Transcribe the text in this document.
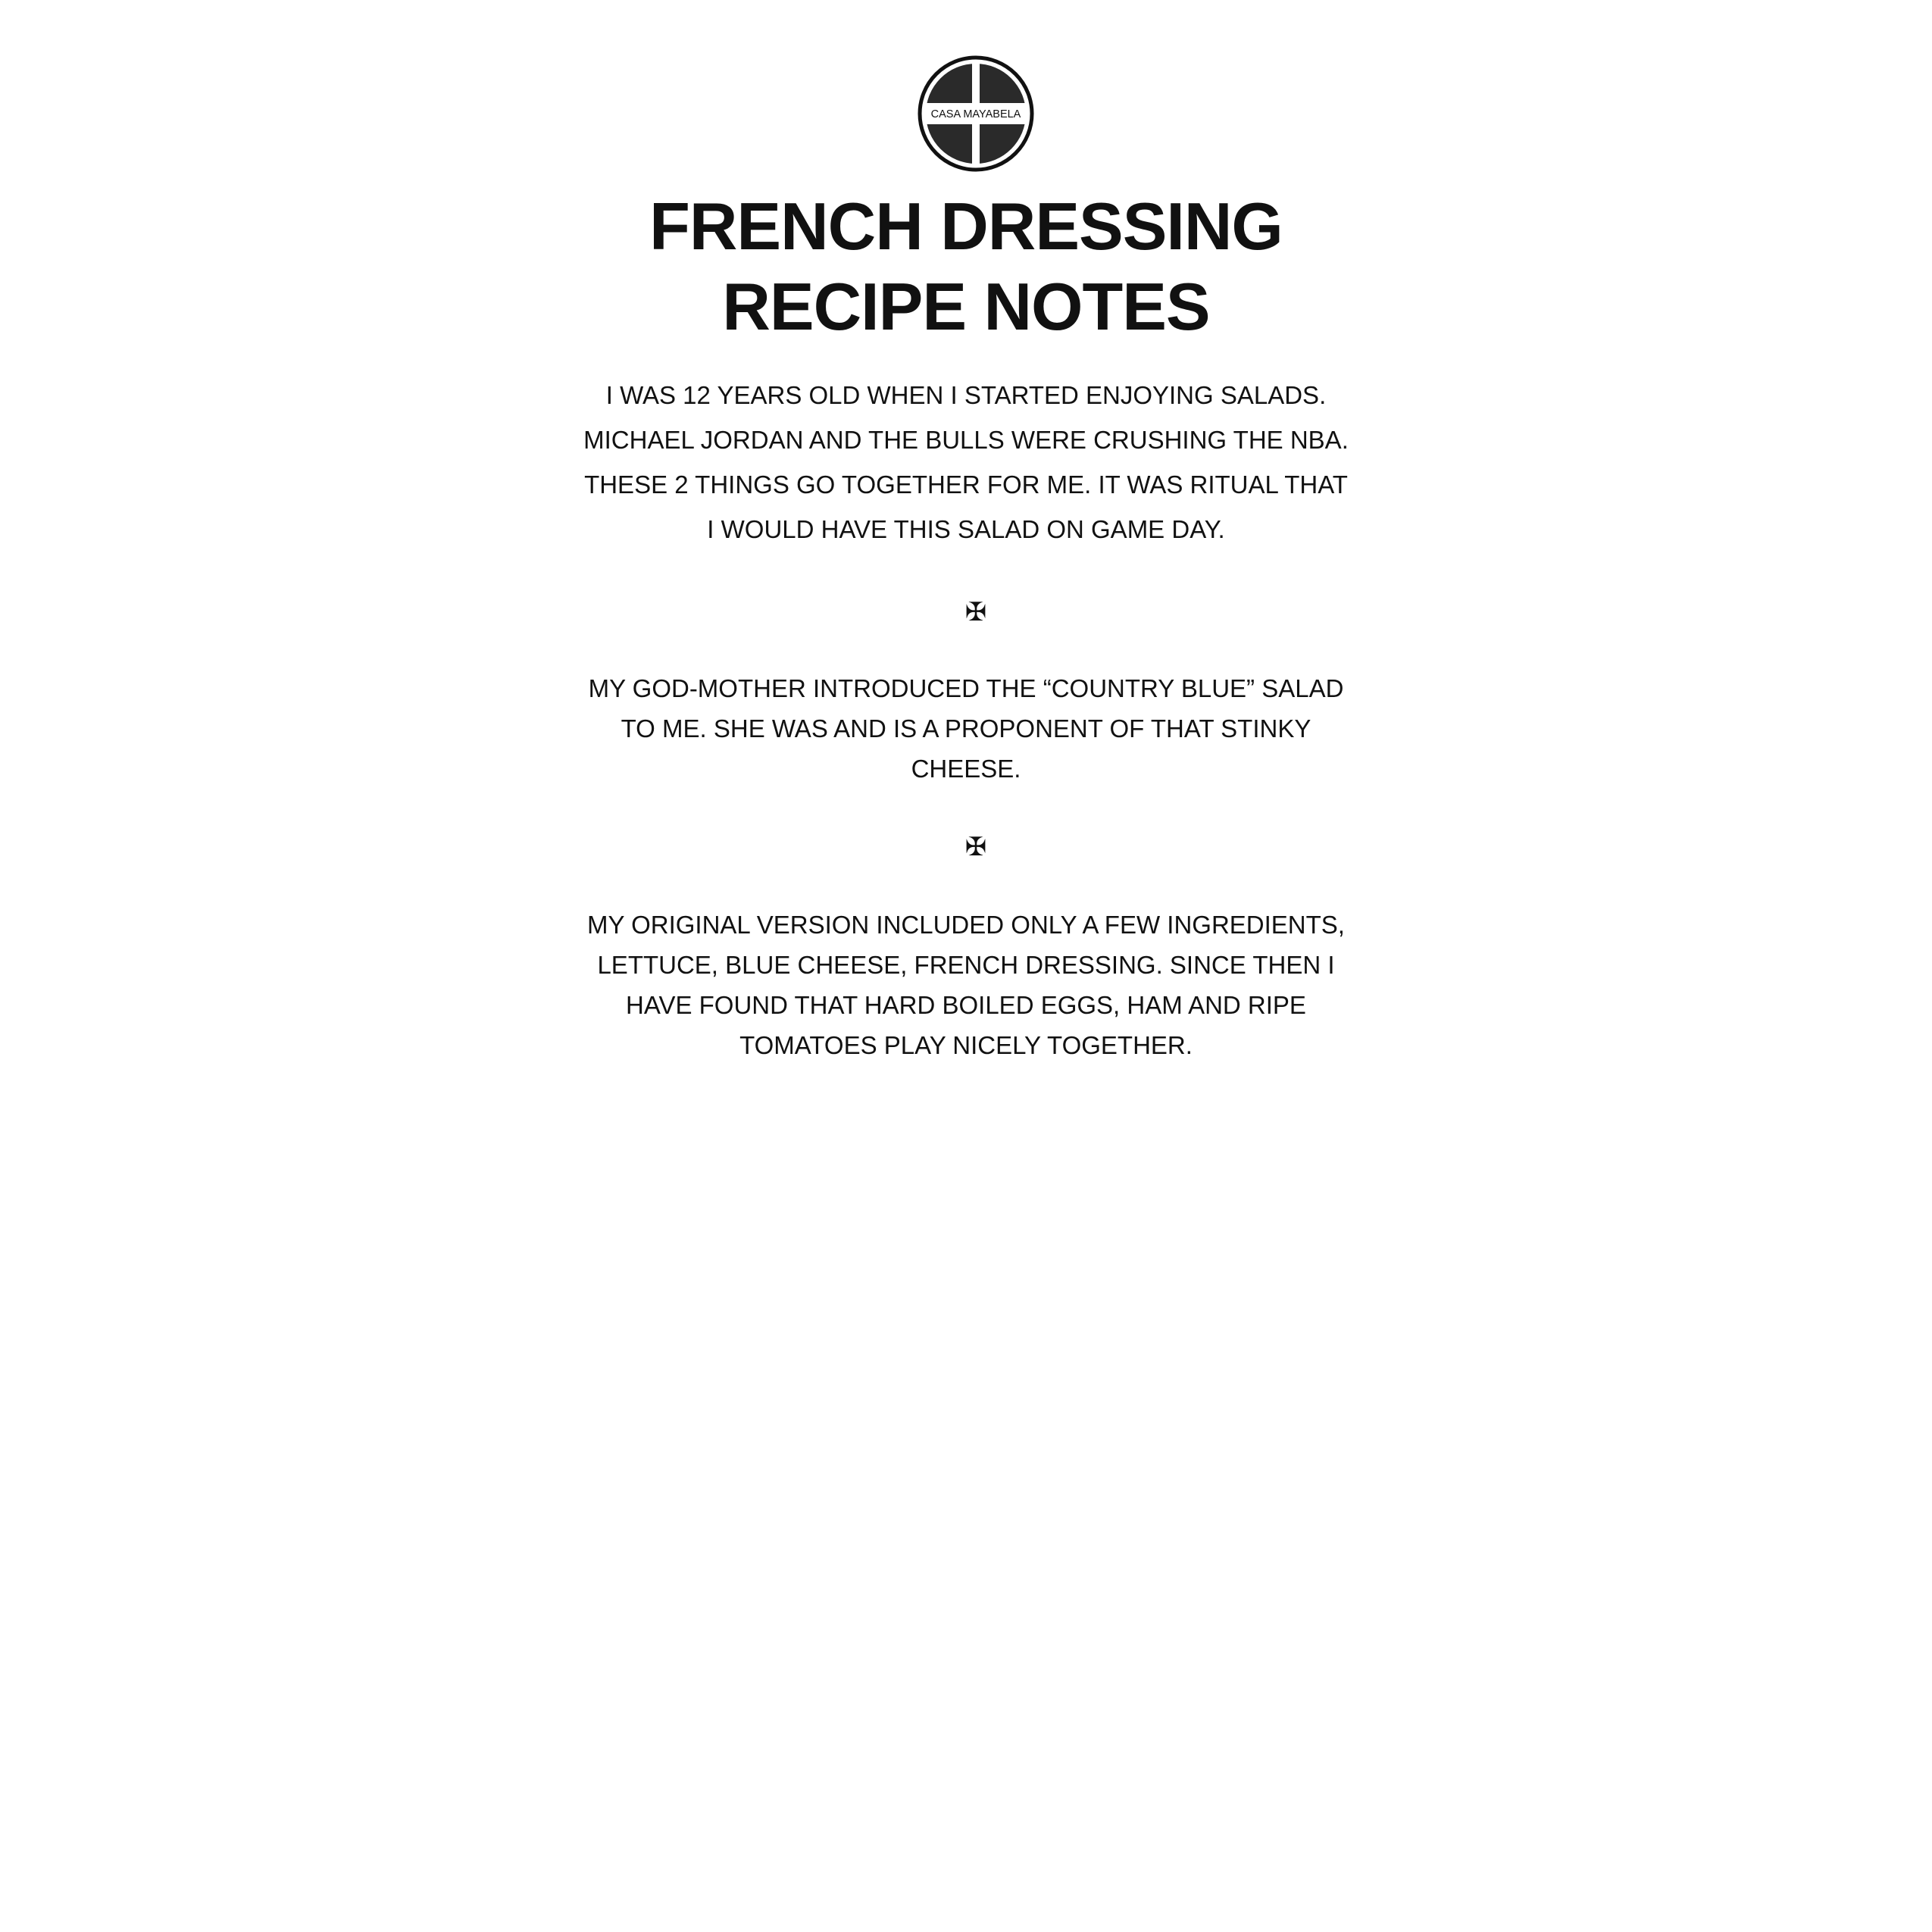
CASA MAYABELA
FRENCH DRESSING
RECIPE NOTES

I WAS 12 YEARS OLD WHEN I STARTED ENJOYING SALADS.
MICHAEL JORDAN AND THE BULLS WERE CRUSHING THE NBA.
THESE 2 THINGS GO TOGETHER FOR ME. IT WAS RITUAL THAT
I WOULD HAVE THIS SALAD ON GAME DAY.

✠

MY GOD-MOTHER INTRODUCED THE “COUNTRY BLUE” SALAD
TO ME. SHE WAS AND IS A PROPONENT OF THAT STINKY
CHEESE.

✠

MY ORIGINAL VERSION INCLUDED ONLY A FEW INGREDIENTS,
LETTUCE, BLUE CHEESE, FRENCH DRESSING. SINCE THEN I
HAVE FOUND THAT HARD BOILED EGGS, HAM AND RIPE
TOMATOES PLAY NICELY TOGETHER.
